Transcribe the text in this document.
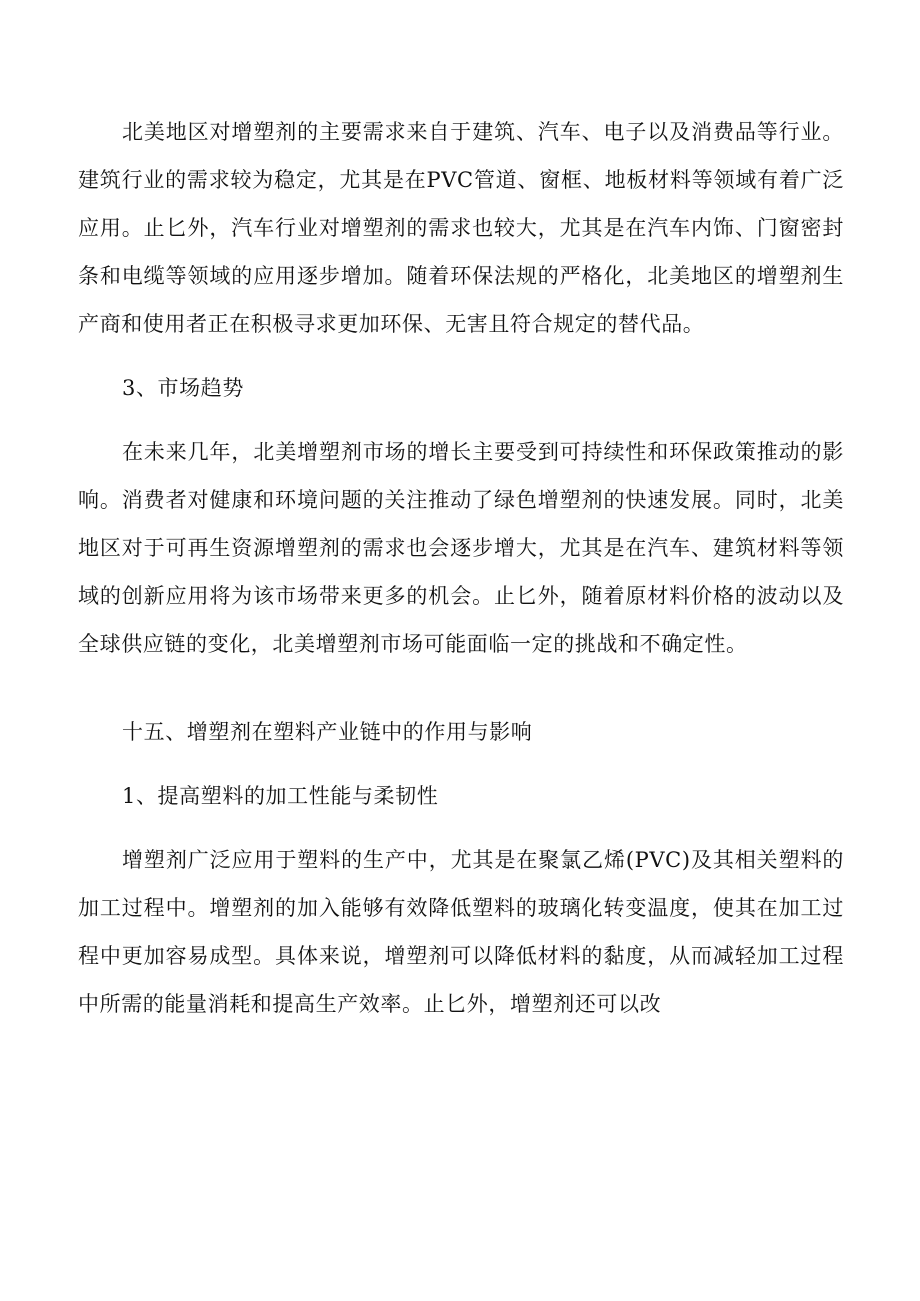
北美地区对增塑剂的主要需求来自于建筑、汽车、电子以及消费品等行业。建筑行业的需求较为稳定，尤其是在PVC管道、窗框、地板材料等领域有着广泛应用。止匕外，汽车行业对增塑剂的需求也较大，尤其是在汽车内饰、门窗密封条和电缆等领域的应用逐步增加。随着环保法规的严格化，北美地区的增塑剂生产商和使用者正在积极寻求更加环保、无害且符合规定的替代品。

3、市场趋势

在未来几年，北美增塑剂市场的增长主要受到可持续性和环保政策推动的影响。消费者对健康和环境问题的关注推动了绿色增塑剂的快速发展。同时，北美地区对于可再生资源增塑剂的需求也会逐步增大，尤其是在汽车、建筑材料等领域的创新应用将为该市场带来更多的机会。止匕外，随着原材料价格的波动以及全球供应链的变化，北美增塑剂市场可能面临一定的挑战和不确定性。

十五、增塑剂在塑料产业链中的作用与影响

1、提高塑料的加工性能与柔韧性

增塑剂广泛应用于塑料的生产中，尤其是在聚氯乙烯(PVC)及其相关塑料的加工过程中。增塑剂的加入能够有效降低塑料的玻璃化转变温度，使其在加工过程中更加容易成型。具体来说，增塑剂可以降低材料的黏度，从而减轻加工过程中所需的能量消耗和提高生产效率。止匕外，增塑剂还可以改
